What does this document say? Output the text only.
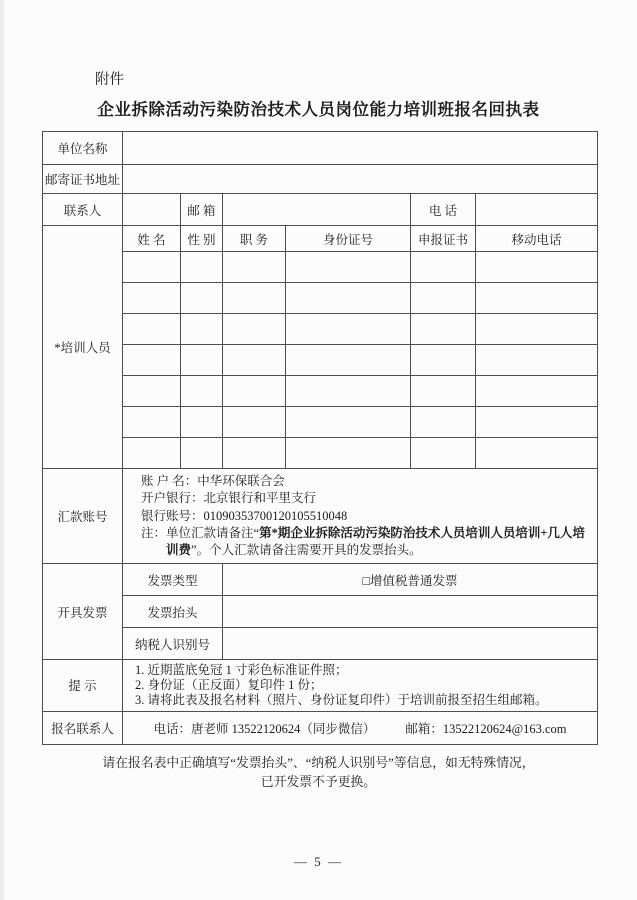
附件
企业拆除活动污染防治技术人员岗位能力培训班报名回执表
单位名称						
邮寄证书地址						
联系人		邮 箱			电 话	
*培训人员	姓 名	性 别	职 务	身份证号	申报证书	移动电话

汇款账号	账 户 名：中华环保联合会
开户银行：北京银行和平里支行
银行账号：01090353700120105510048
注：单位汇款请备注“第*期企业拆除活动污染防治技术人员培训人员培训+几人培训费”。个人汇款请备注需要开具的发票抬头。					

开具发票	发票类型		□增值税普通发票			
	发票抬头					
	纳税人识别号					
提 示	1. 近期蓝底免冠 1 寸彩色标准证件照；
2. 身份证（正反面）复印件 1 份；
3. 请将此表及报名材料（照片、身份证复印件）于培训前报至招生组邮箱。					

报名联系人	电话：唐老师 13522120624（同步微信） 邮箱：13522120624@163.com					
请在报名表中正确填写“发票抬头”、“纳税人识别号”等信息，如无特殊情况，
已开发票不予更换。
— 5 —
